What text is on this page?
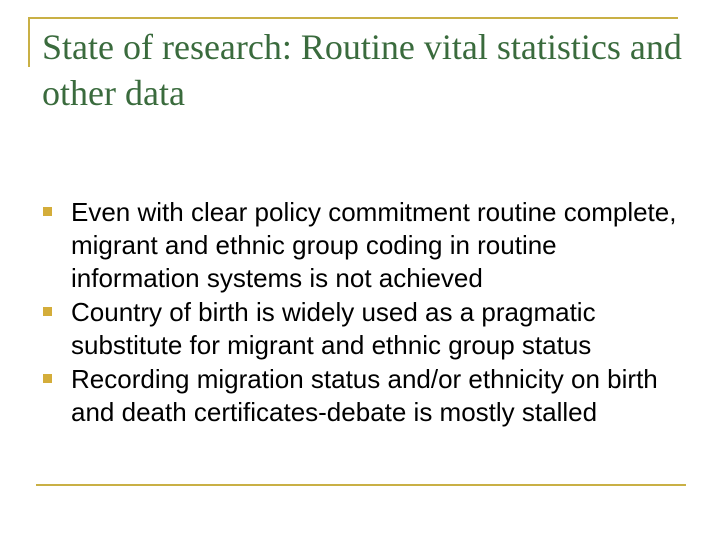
State of research: Routine vital statistics and other data
Even with clear policy commitment routine complete, migrant and ethnic group coding in routine information systems is not achieved
Country of birth is widely used as a pragmatic substitute for migrant and ethnic group status
Recording migration status and/or ethnicity on birth and death certificates-debate is mostly stalled
